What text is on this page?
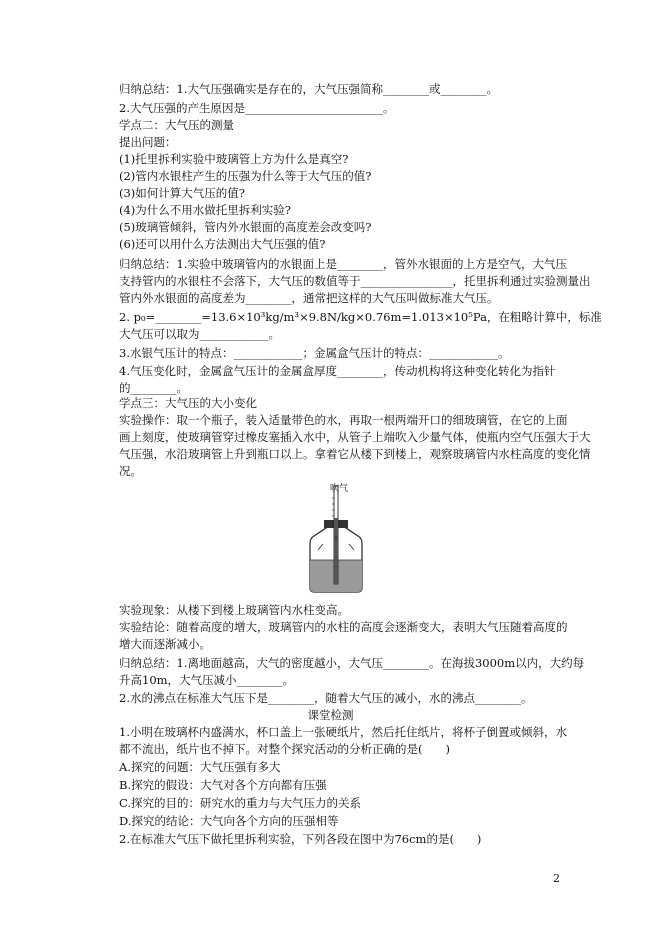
归纳总结：1.大气压强确实是存在的，大气压强简称________或________。
2.大气压强的产生原因是________________________。
学点二：大气压的测量
提出问题：
(1)托里拆利实验中玻璃管上方为什么是真空?
(2)管内水银柱产生的压强为什么等于大气压的值?
(3)如何计算大气压的值?
(4)为什么不用水做托里拆利实验?
(5)玻璃管倾斜，管内外水银面的高度差会改变吗?
(6)还可以用什么方法测出大气压强的值?
归纳总结：1.实验中玻璃管内的水银面上是________，管外水银面的上方是空气，大气压
支持管内的水银柱不会落下，大气压的数值等于________________，托里拆利通过实验测量出
管内外水银面的高度差为________，通常把这样的大气压叫做标准大气压。
2. p₀=________=13.6×10³kg/m³×9.8N/kg×0.76m=1.013×10⁵Pa，在粗略计算中，标准
大气压可以取为____________。
3.水银气压计的特点：____________；金属盒气压计的特点：____________。
4.气压变化时，金属盒气压计的金属盒厚度________，传动机构将这种变化转化为指针
的________。
学点三：大气压的大小变化
实验操作：取一个瓶子，装入适量带色的水，再取一根两端开口的细玻璃管，在它的上面
画上刻度，使玻璃管穿过橡皮塞插入水中，从管子上端吹入少量气体，使瓶内空气压强大于大
气压强，水沿玻璃管上升到瓶口以上。拿着它从楼下到楼上，观察玻璃管内水柱高度的变化情
况。
吹气
实验现象：从楼下到楼上玻璃管内水柱变高。
实验结论：随着高度的增大，玻璃管内的水柱的高度会逐渐变大，表明大气压随着高度的
增大而逐渐减小。
归纳总结：1.离地面越高，大气的密度越小，大气压________。在海拔3000m以内，大约每
升高10m，大气压减小________。
2.水的沸点在标准大气压下是________，随着大气压的减小，水的沸点________。
课堂检测
1.小明在玻璃杯内盛满水，杯口盖上一张硬纸片，然后托住纸片，将杯子倒置或倾斜，水
都不流出，纸片也不掉下。对整个探究活动的分析正确的是(　　)
A.探究的问题：大气压强有多大
B.探究的假设：大气对各个方向都有压强
C.探究的目的：研究水的重力与大气压力的关系
D.探究的结论：大气向各个方向的压强相等
2.在标准大气压下做托里拆利实验，下列各段在图中为76cm的是(　　)
2
